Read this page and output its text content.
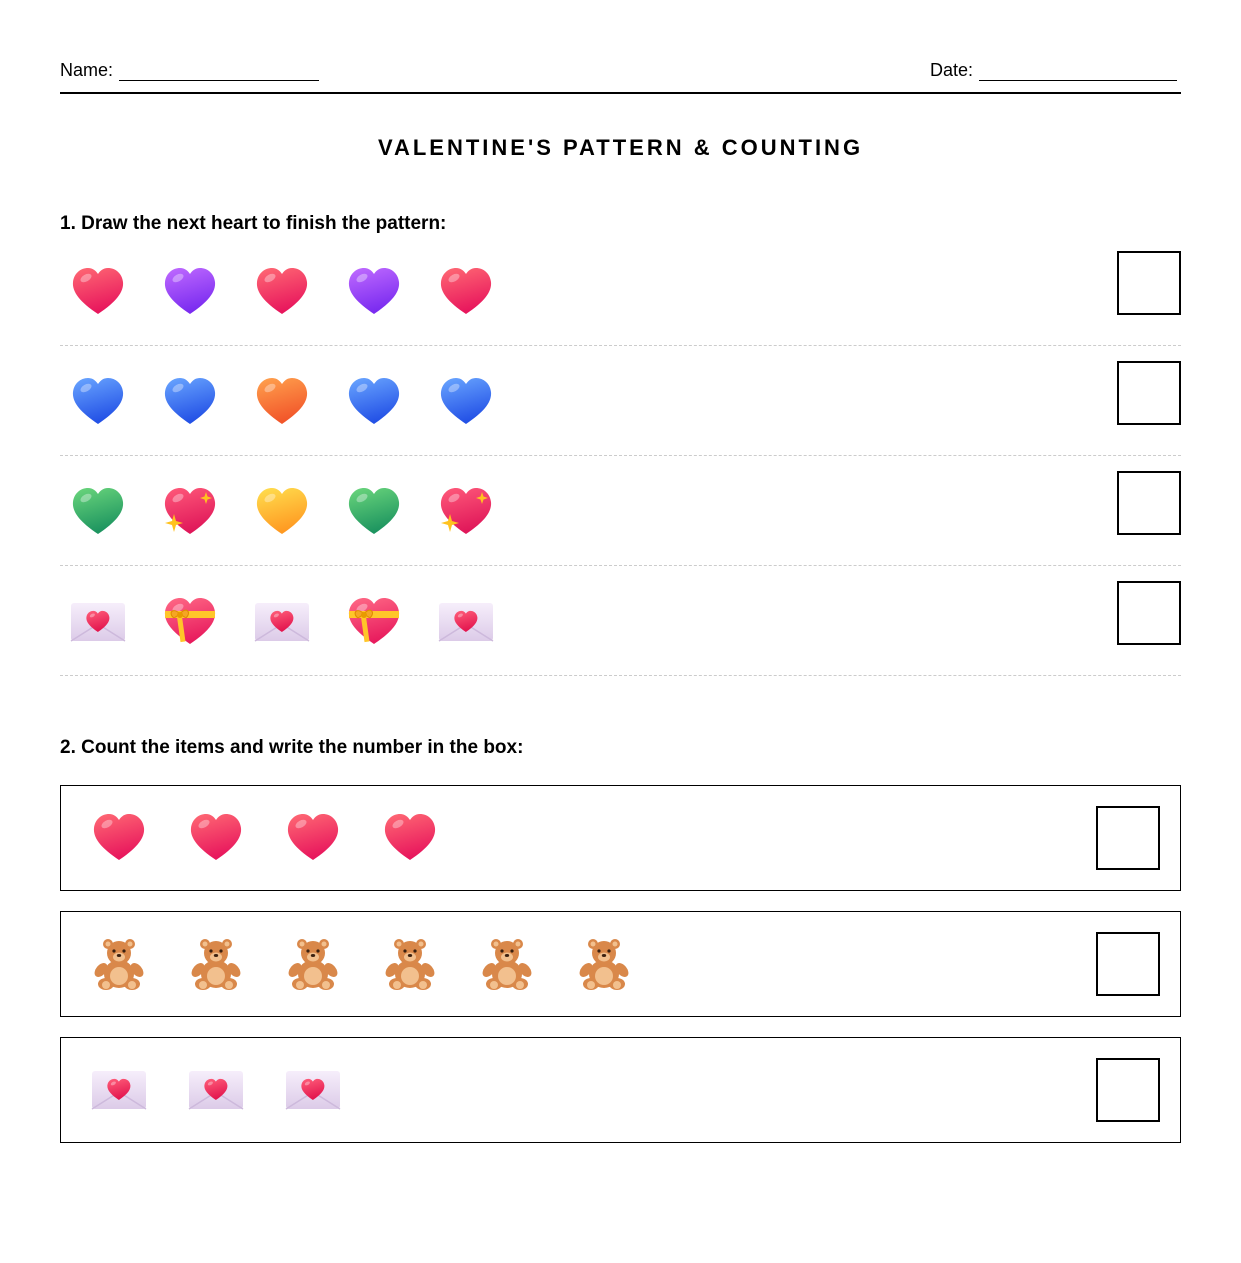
Name:	Date:
VALENTINE'S PATTERN & COUNTING
1. Draw the next heart to finish the pattern:
2. Count the items and write the number in the box:
